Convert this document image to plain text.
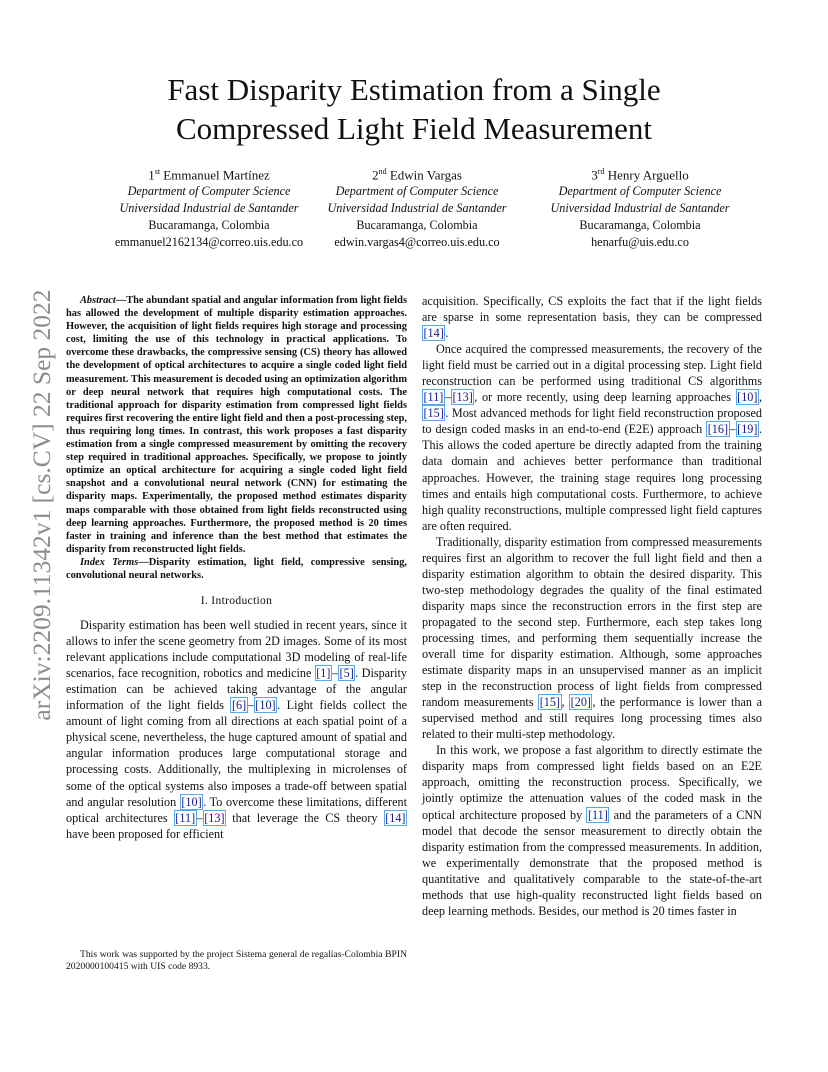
Fast Disparity Estimation from a Single
Compressed Light Field Measurement
1st Emmanuel Martínez
Department of Computer Science
Universidad Industrial de Santander
Bucaramanga, Colombia
emmanuel2162134@correo.uis.edu.co
2nd Edwin Vargas
Department of Computer Science
Universidad Industrial de Santander
Bucaramanga, Colombia
edwin.vargas4@correo.uis.edu.co
3rd Henry Arguello
Department of Computer Science
Universidad Industrial de Santander
Bucaramanga, Colombia
henarfu@uis.edu.co
arXiv:2209.11342v1 [cs.CV] 22 Sep 2022	Abstract—The abundant spatial and angular information from light fields has allowed the development of multiple disparity estimation approaches. However, the acquisition of light fields requires high storage and processing cost, limiting the use of this technology in practical applications. To overcome these drawbacks, the compressive sensing (CS) theory has allowed the development of optical architectures to acquire a single coded light field measurement. This measurement is decoded using an optimization algorithm or deep neural network that requires high computational costs. The traditional approach for disparity estimation from compressed light fields requires first recovering the entire light field and then a post-processing step, thus requiring long times. In contrast, this work proposes a fast disparity estimation from a single compressed measurement by omitting the recovery step required in traditional approaches. Specifically, we propose to jointly optimize an optical architecture for acquiring a single coded light field snapshot and a convolutional neural network (CNN) for estimating the disparity maps. Experimentally, the proposed method estimates disparity maps comparable with those obtained from light fields reconstructed using deep learning approaches. Furthermore, the proposed method is 20 times faster in training and inference than the best method that estimates the disparity from reconstructed light fields.

Index Terms—Disparity estimation, light field, compressive sensing, convolutional neural networks.

I. Introduction

Disparity estimation has been well studied in recent years, since it allows to infer the scene geometry from 2D images. Some of its most relevant applications include computational 3D modeling of real-life scenarios, face recognition, robotics and medicine [1] – [5] . Disparity estimation can be achieved taking advantage of the angular information of the light fields [6] – [10] . Light fields collect the amount of light coming from all directions at each spatial point of a physical scene, nevertheless, the huge captured amount of spatial and angular information produces large computational storage and processing costs. Additionally, the multiplexing in microlenses of some of the optical systems also imposes a trade-off between spatial and angular resolution [10] . To overcome these limitations, different optical architectures [11] – [13] that leverage the CS theory [14] have been proposed for efficient

This work was supported by the project Sistema general de regalías-Colombia BPIN 2020000100415 with UIS code 8933.

acquisition. Specifically, CS exploits the fact that if the light fields are sparse in some representation basis, they can be compressed [14] .

Once acquired the compressed measurements, the recovery of the light field must be carried out in a digital processing step. Light field reconstruction can be performed using traditional CS algorithms [11] – [13] , or more recently, using deep learning approaches [10] , [15] . Most advanced methods for light field reconstruction proposed to design coded masks in an end-to-end (E2E) approach [16] – [19] . This allows the coded aperture be directly adapted from the training data domain and achieves better performance than traditional approaches. However, the training stage requires long processing times and entails high computational costs. Furthermore, to achieve high quality reconstructions, multiple compressed light field captures are often required.

Traditionally, disparity estimation from compressed measurements requires first an algorithm to recover the full light field and then a disparity estimation algorithm to obtain the desired disparity. This two-step methodology degrades the quality of the final estimated disparity maps since the reconstruction errors in the first step are propagated to the second step. Furthermore, each step takes long processing times, and performing them sequentially increase the overall time for disparity estimation. Although, some approaches estimate disparity maps in an unsupervised manner as an implicit step in the reconstruction process of light fields from compressed random measurements [15] , [20] , the performance is lower than a supervised method and still requires long processing times also related to their multi-step methodology.

In this work, we propose a fast algorithm to directly estimate the disparity maps from compressed light fields based on an E2E approach, omitting the reconstruction process. Specifically, we jointly optimize the attenuation values of the coded mask in the optical architecture proposed by [11] and the parameters of a CNN model that decode the sensor measurement to directly obtain the disparity estimation from the compressed measurements. In addition, we experimentally demonstrate that the proposed method is quantitative and qualitatively comparable to the state-of-the-art methods that use high-quality reconstructed light fields based on deep learning methods. Besides, our method is 20 times faster in
